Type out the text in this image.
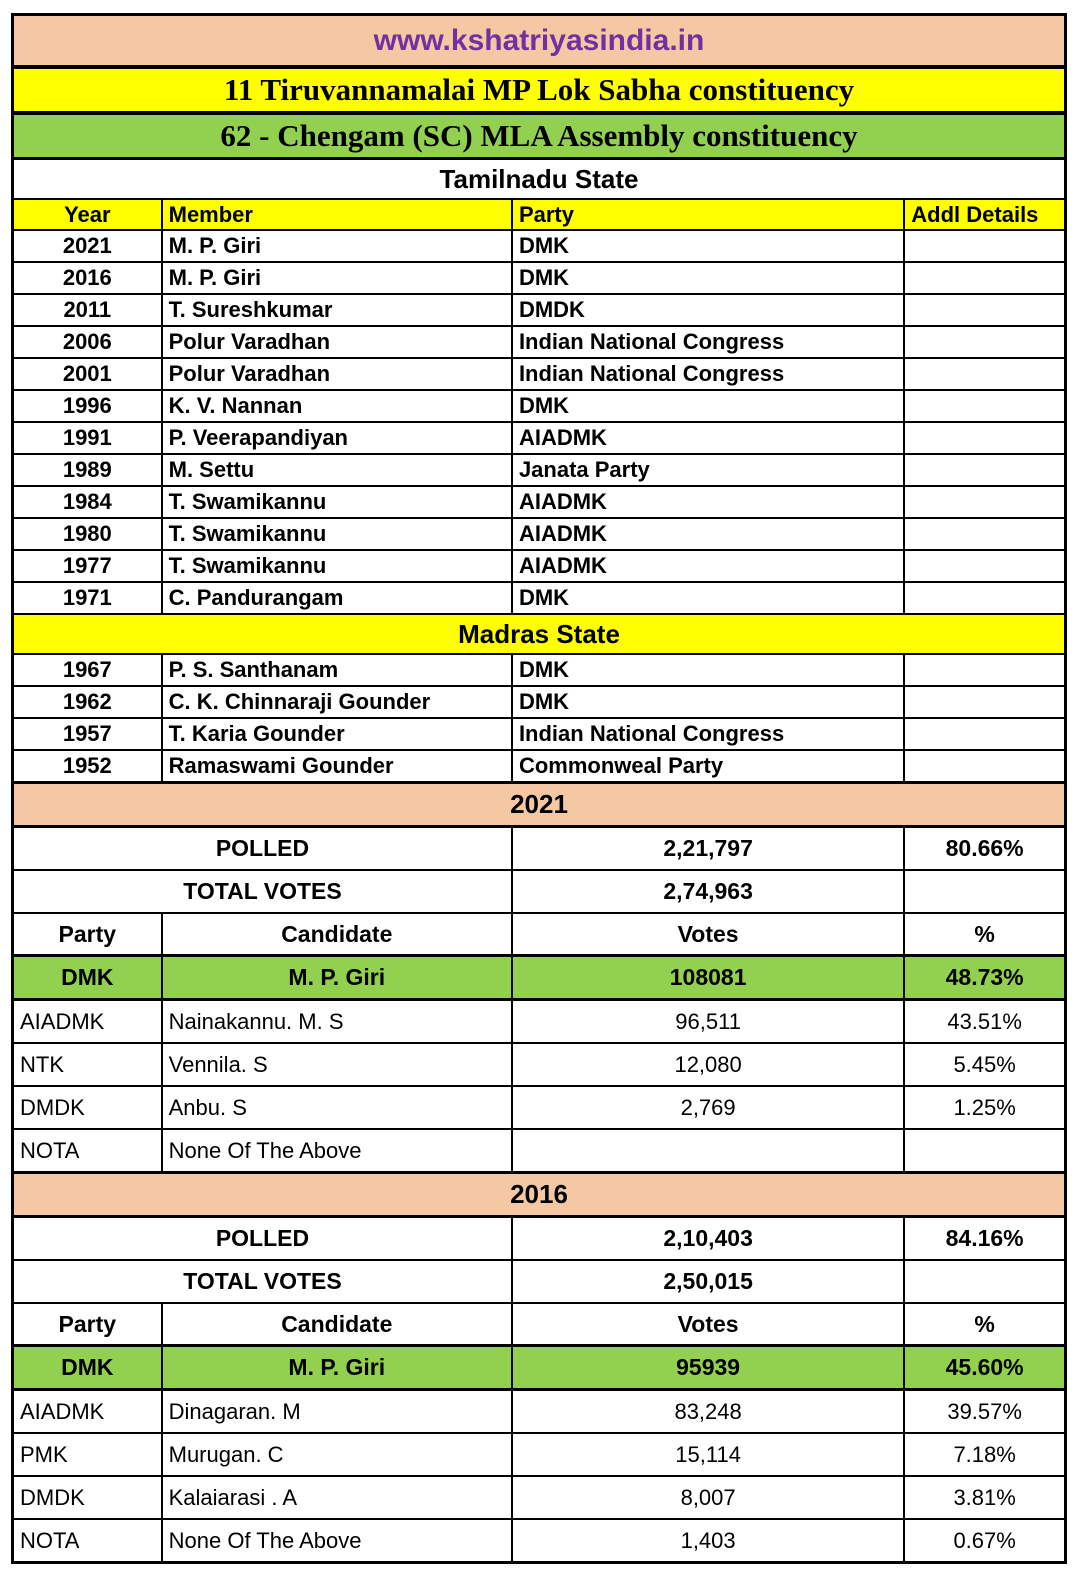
www.kshatriyasindia.in			
11 Tiruvannamalai MP Lok Sabha constituency			
62 - Chengam (SC) MLA Assembly constituency			
Tamilnadu State			
Year	Member	Party	Addl Details
2021	M. P. Giri	DMK	
2016	M. P. Giri	DMK	
2011	T. Sureshkumar	DMDK	
2006	Polur Varadhan	Indian National Congress	
2001	Polur Varadhan	Indian National Congress	
1996	K. V. Nannan	DMK	
1991	P. Veerapandiyan	AIADMK	
1989	M. Settu	Janata Party	
1984	T. Swamikannu	AIADMK	
1980	T. Swamikannu	AIADMK	
1977	T. Swamikannu	AIADMK	
1971	C. Pandurangam	DMK	
Madras State			
1967	P. S. Santhanam	DMK	
1962	C. K. Chinnaraji Gounder	DMK	
1957	T. Karia Gounder	Indian National Congress	
1952	Ramaswami Gounder	Commonweal Party	
2021			
POLLED		2,21,797	80.66%
TOTAL VOTES		2,74,963	
Party	Candidate	Votes	%
DMK	M. P. Giri	108081	48.73%
AIADMK	Nainakannu. M. S	96,511	43.51%
NTK	Vennila. S	12,080	5.45%
DMDK	Anbu. S	2,769	1.25%
NOTA	None Of The Above		
2016			
POLLED		2,10,403	84.16%
TOTAL VOTES		2,50,015	
Party	Candidate	Votes	%
DMK	M. P. Giri	95939	45.60%
AIADMK	Dinagaran. M	83,248	39.57%
PMK	Murugan. C	15,114	7.18%
DMDK	Kalaiarasi . A	8,007	3.81%
NOTA	None Of The Above	1,403	0.67%
